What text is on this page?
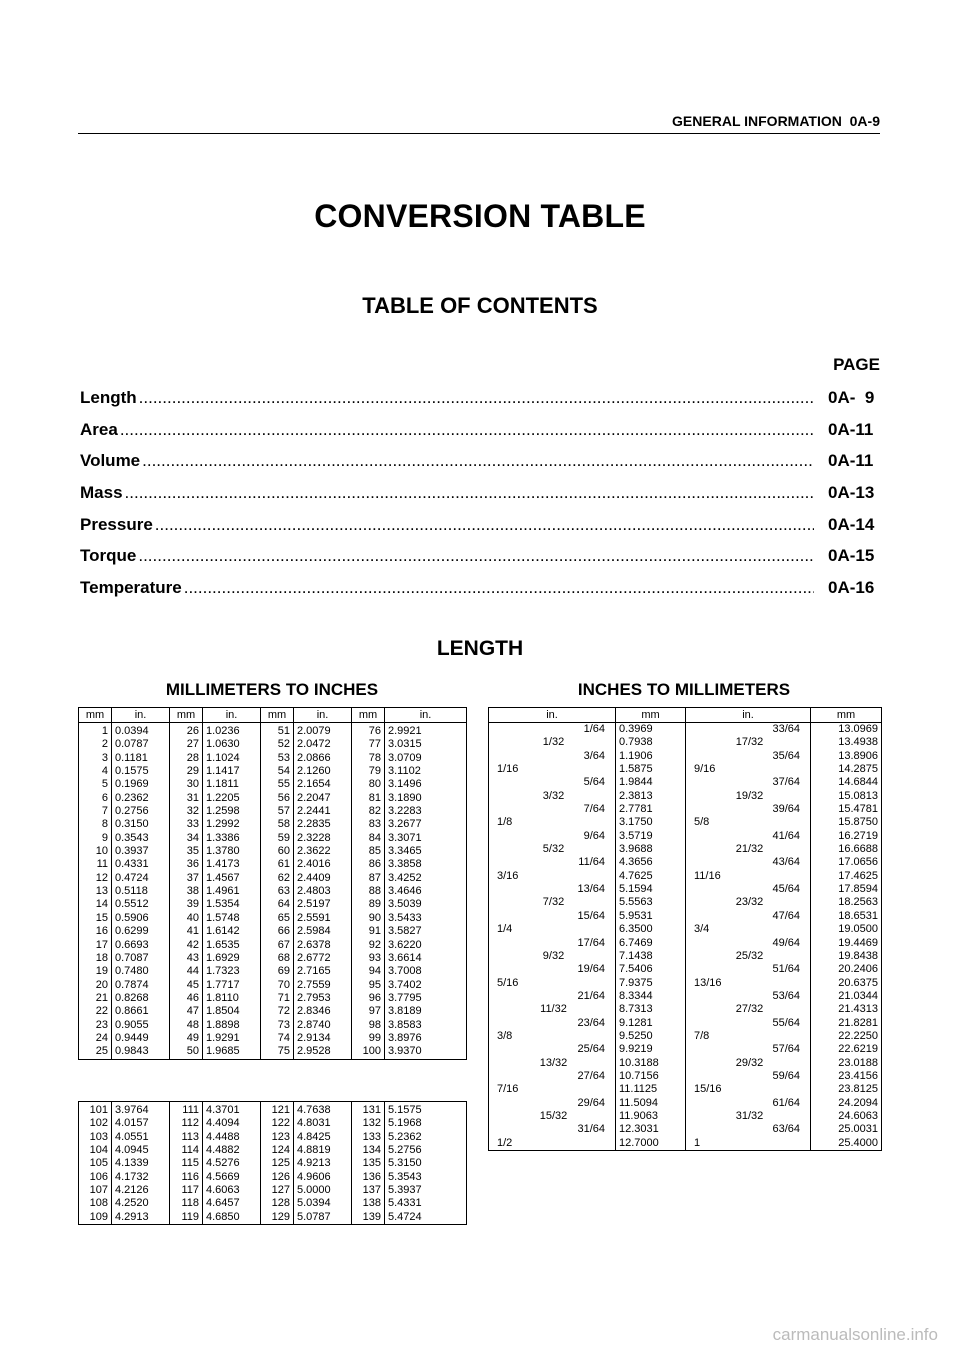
GENERAL INFORMATION 0A-9
CONVERSION TABLE
TABLE OF CONTENTS
PAGE
Length .....	0A-  9
Area .....	0A-11
Volume .....	0A-11
Mass .....	0A-13
Pressure .....	0A-14
Torque .....	0A-15
Temperature .....	0A-16
LENGTH
MILLIMETERS TO INCHES	INCHES TO MILLIMETERS
mm	in.	mm	in.	mm	in.	mm	in.
1	0.0394	26	1.0236	51	2.0079	76	2.9921
2	0.0787	27	1.0630	52	2.0472	77	3.0315
3	0.1181	28	1.1024	53	2.0866	78	3.0709
4	0.1575	29	1.1417	54	2.1260	79	3.1102
5	0.1969	30	1.1811	55	2.1654	80	3.1496
6	0.2362	31	1.2205	56	2.2047	81	3.1890
7	0.2756	32	1.2598	57	2.2441	82	3.2283
8	0.3150	33	1.2992	58	2.2835	83	3.2677
9	0.3543	34	1.3386	59	2.3228	84	3.3071
10	0.3937	35	1.3780	60	2.3622	85	3.3465
11	0.4331	36	1.4173	61	2.4016	86	3.3858
12	0.4724	37	1.4567	62	2.4409	87	3.4252
13	0.5118	38	1.4961	63	2.4803	88	3.4646
14	0.5512	39	1.5354	64	2.5197	89	3.5039
15	0.5906	40	1.5748	65	2.5591	90	3.5433
16	0.6299	41	1.6142	66	2.5984	91	3.5827
17	0.6693	42	1.6535	67	2.6378	92	3.6220
18	0.7087	43	1.6929	68	2.6772	93	3.6614
19	0.7480	44	1.7323	69	2.7165	94	3.7008
20	0.7874	45	1.7717	70	2.7559	95	3.7402
21	0.8268	46	1.8110	71	2.7953	96	3.7795
22	0.8661	47	1.8504	72	2.8346	97	3.8189
23	0.9055	48	1.8898	73	2.8740	98	3.8583
24	0.9449	49	1.9291	74	2.9134	99	3.8976
25	0.9843	50	1.9685	75	2.9528	100	3.9370
101	3.9764	111	4.3701	121	4.7638	131	5.1575
102	4.0157	112	4.4094	122	4.8031	132	5.1968
103	4.0551	113	4.4488	123	4.8425	133	5.2362
104	4.0945	114	4.4882	124	4.8819	134	5.2756
105	4.1339	115	4.5276	125	4.9213	135	5.3150
106	4.1732	116	4.5669	126	4.9606	136	5.3543
107	4.2126	117	4.6063	127	5.0000	137	5.3937
108	4.2520	118	4.6457	128	5.0394	138	5.4331
109	4.2913	119	4.6850	129	5.0787	139	5.4724
in.	mm	in.	mm
1/64	0.3969	33/64	13.0969
1/32	0.7938	17/32	13.4938
3/64	1.1906	35/64	13.8906
1/16	1.5875	9/16	14.2875
5/64	1.9844	37/64	14.6844
3/32	2.3813	19/32	15.0813
7/64	2.7781	39/64	15.4781
1/8	3.1750	5/8	15.8750
9/64	3.5719	41/64	16.2719
5/32	3.9688	21/32	16.6688
11/64	4.3656	43/64	17.0656
3/16	4.7625	11/16	17.4625
13/64	5.1594	45/64	17.8594
7/32	5.5563	23/32	18.2563
15/64	5.9531	47/64	18.6531
1/4	6.3500	3/4	19.0500
17/64	6.7469	49/64	19.4469
9/32	7.1438	25/32	19.8438
19/64	7.5406	51/64	20.2406
5/16	7.9375	13/16	20.6375
21/64	8.3344	53/64	21.0344
11/32	8.7313	27/32	21.4313
23/64	9.1281	55/64	21.8281
3/8	9.5250	7/8	22.2250
25/64	9.9219	57/64	22.6219
13/32	10.3188	29/32	23.0188
27/64	10.7156	59/64	23.4156
7/16	11.1125	15/16	23.8125
29/64	11.5094	61/64	24.2094
15/32	11.9063	31/32	24.6063
31/64	12.3031	63/64	25.0031
1/2	12.7000	1	25.4000
carmanualsonline.info
